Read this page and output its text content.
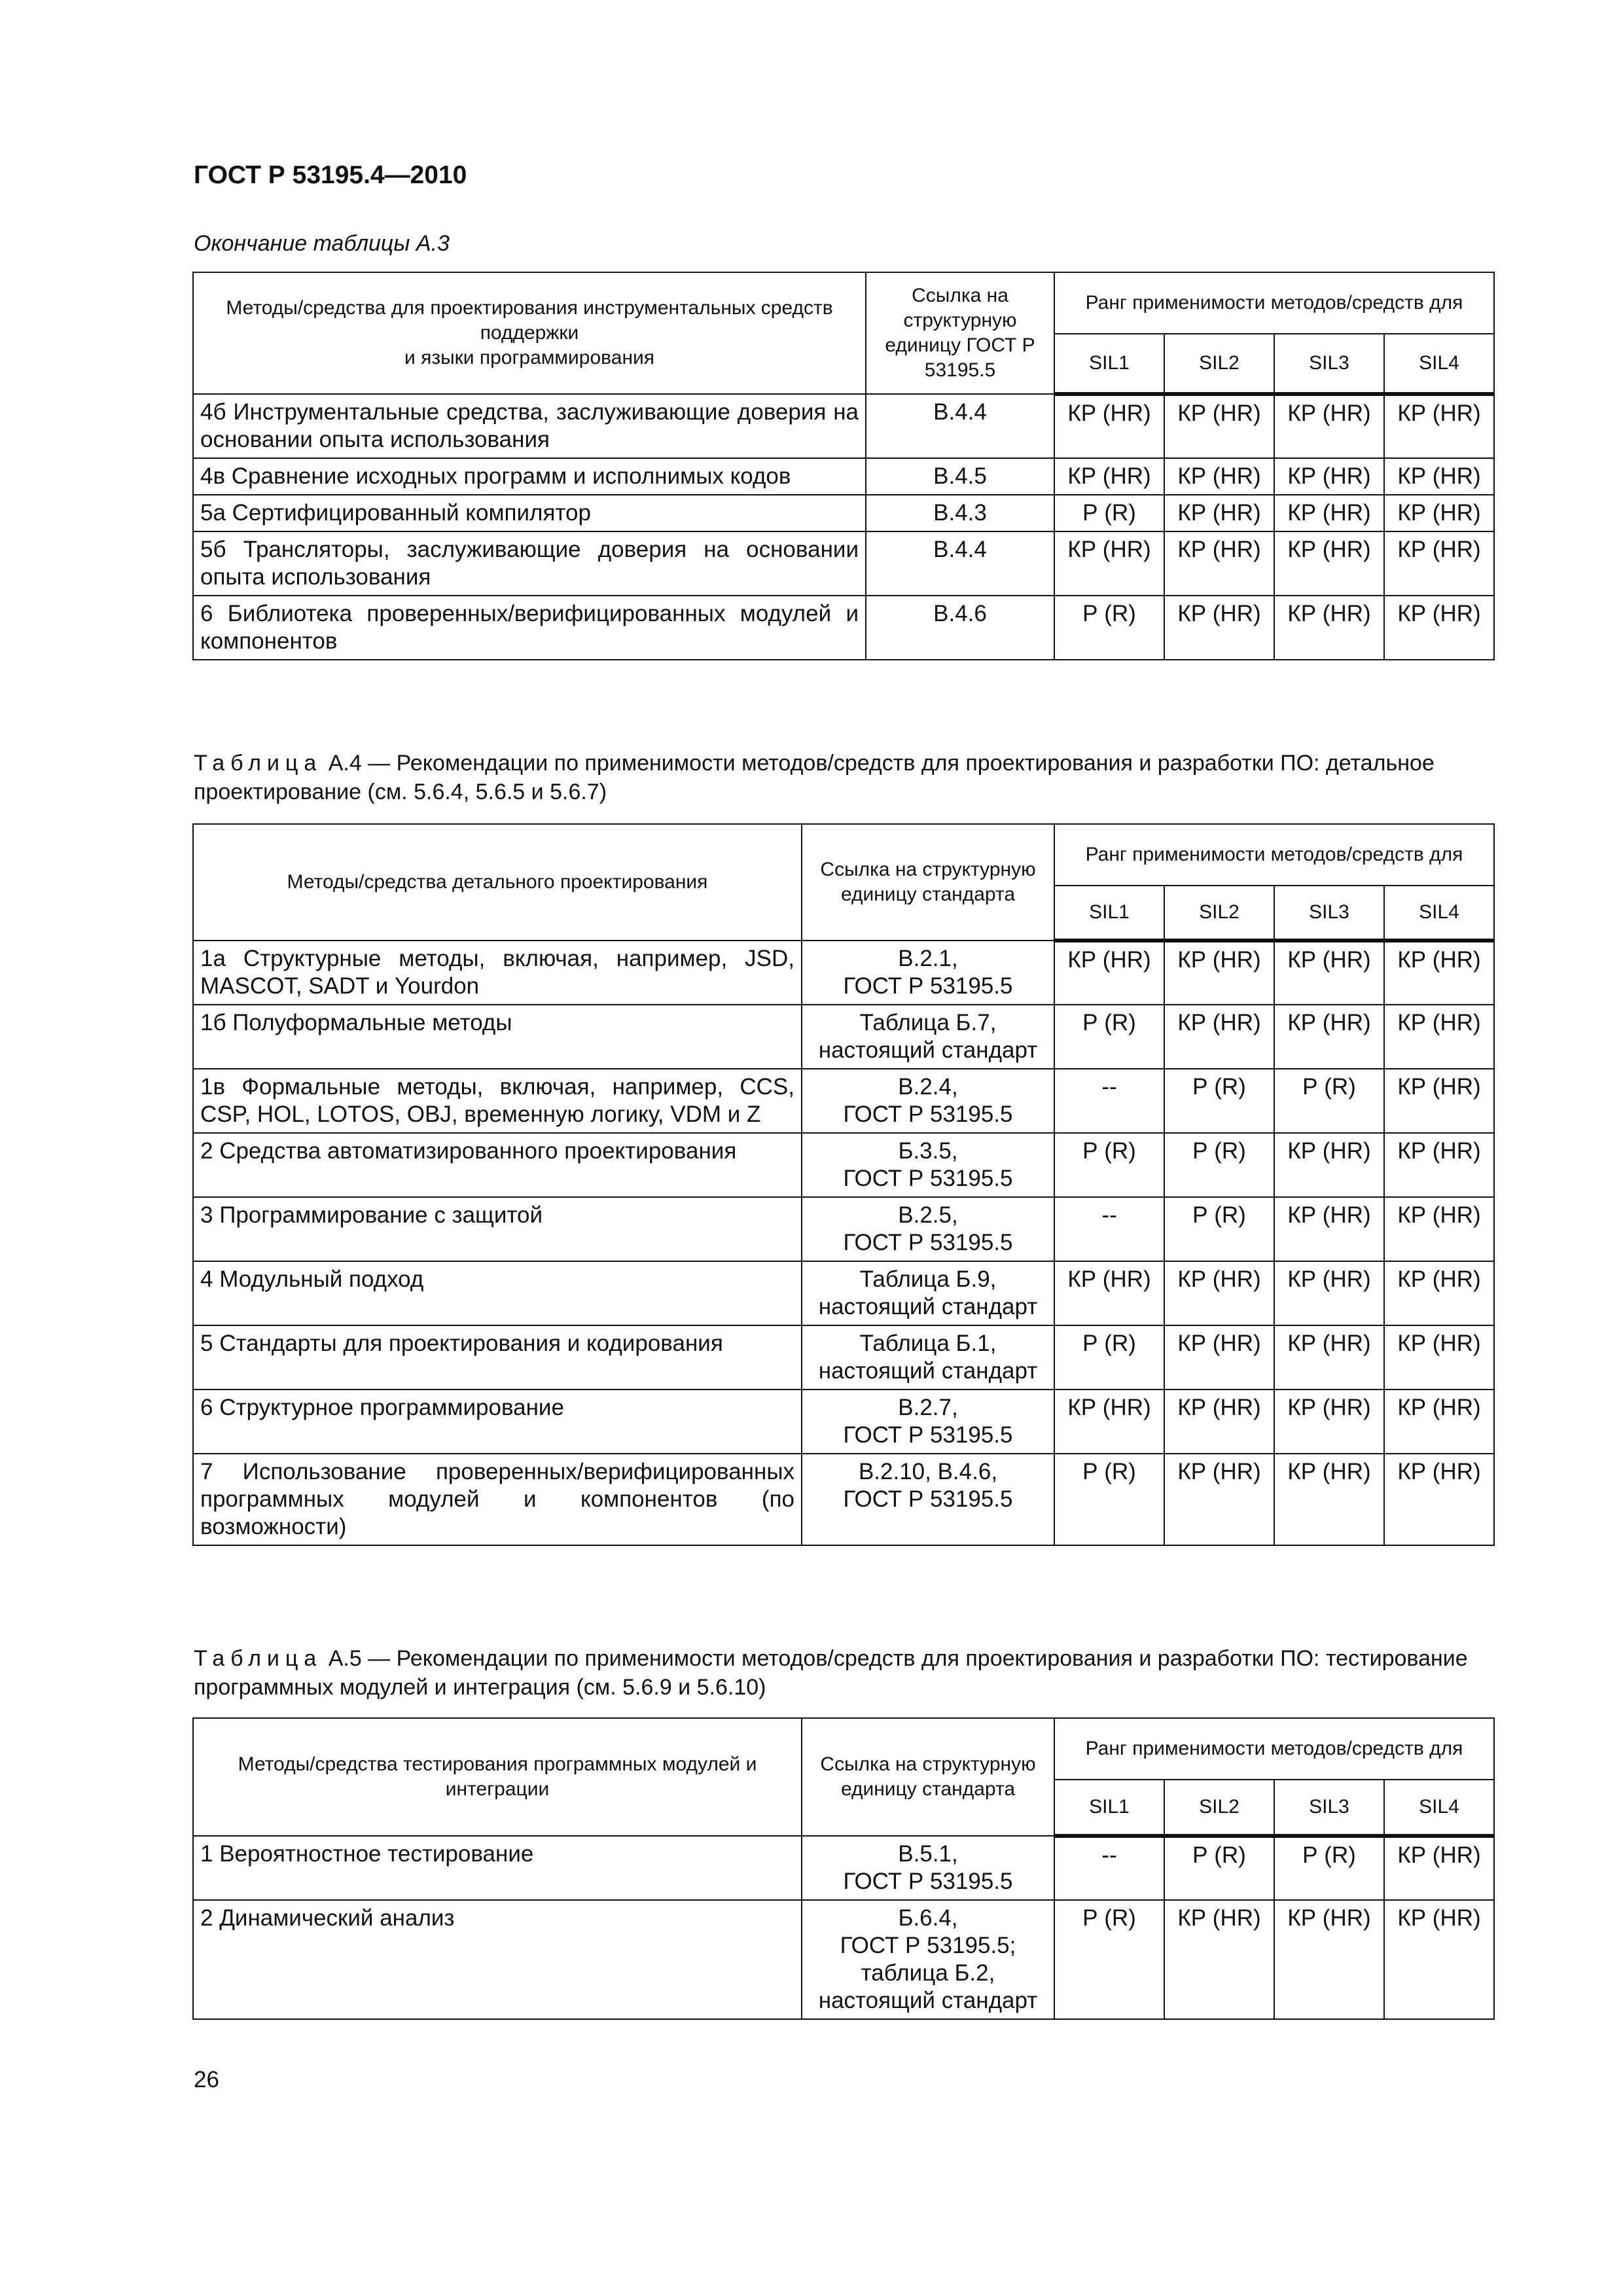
ГОСТ Р 53195.4—2010
Окончание таблицы А.3
Методы/средства для проектирования инструментальных средств поддержки
и языки программирования	Ссылка на структурную единицу ГОСТ Р 53195.5	Ранг применимости методов/средств для			
		SIL1	SIL2	SIL3	SIL4
4б Инструментальные средства, заслуживающие доверия на основании опыта использования	В.4.4	КР (HR)	КР (HR)	КР (HR)	КР (HR)
4в Сравнение исходных программ и исполнимых кодов	В.4.5	КР (HR)	КР (HR)	КР (HR)	КР (HR)
5а Сертифицированный компилятор	В.4.3	Р (R)	КР (HR)	КР (HR)	КР (HR)
5б Трансляторы, заслуживающие доверия на основании опыта использования	В.4.4	КР (HR)	КР (HR)	КР (HR)	КР (HR)
6 Библиотека проверенных/верифицированных модулей и компонентов	В.4.6	Р (R)	КР (HR)	КР (HR)	КР (HR)
Таблица А.4 — Рекомендации по применимости методов/средств для проектирования и разработки ПО: детальное проектирование (см. 5.6.4, 5.6.5 и 5.6.7)
Методы/средства детального проектирования	Ссылка на структурную единицу стандарта	Ранг применимости методов/средств для			
		SIL1	SIL2	SIL3	SIL4
1а Структурные методы, включая, например, JSD, MASCOT, SADT и Yourdon	В.2.1,
ГОСТ Р 53195.5	КР (HR)	КР (HR)	КР (HR)	КР (HR)
1б Полуформальные методы	Таблица Б.7,
настоящий стандарт	Р (R)	КР (HR)	КР (HR)	КР (HR)
1в Формальные методы, включая, например, CCS, CSP, HOL, LOTOS, OBJ, временную логику, VDM и Z	В.2.4,
ГОСТ Р 53195.5	--	Р (R)	Р (R)	КР (HR)
2 Средства автоматизированного проектирования	Б.3.5,
ГОСТ Р 53195.5	Р (R)	Р (R)	КР (HR)	КР (HR)
3 Программирование с защитой	В.2.5,
ГОСТ Р 53195.5	--	Р (R)	КР (HR)	КР (HR)
4 Модульный подход	Таблица Б.9,
настоящий стандарт	КР (HR)	КР (HR)	КР (HR)	КР (HR)
5 Стандарты для проектирования и кодирования	Таблица Б.1,
настоящий стандарт	Р (R)	КР (HR)	КР (HR)	КР (HR)
6 Структурное программирование	В.2.7,
ГОСТ Р 53195.5	КР (HR)	КР (HR)	КР (HR)	КР (HR)
7 Использование проверенных/верифицированных программных модулей и компонентов (по возможности)	В.2.10, В.4.6,
ГОСТ Р 53195.5	Р (R)	КР (HR)	КР (HR)	КР (HR)
Таблица А.5 — Рекомендации по применимости методов/средств для проектирования и разработки ПО: тестирование программных модулей и интеграция (см. 5.6.9 и 5.6.10)
Методы/средства тестирования программных модулей и интеграции	Ссылка на структурную единицу стандарта	Ранг применимости методов/средств для			
		SIL1	SIL2	SIL3	SIL4
1 Вероятностное тестирование	В.5.1,
ГОСТ Р 53195.5	--	Р (R)	Р (R)	КР (HR)
2 Динамический анализ	Б.6.4,
ГОСТ Р 53195.5;
таблица Б.2,
настоящий стандарт	Р (R)	КР (HR)	КР (HR)	КР (HR)
26
